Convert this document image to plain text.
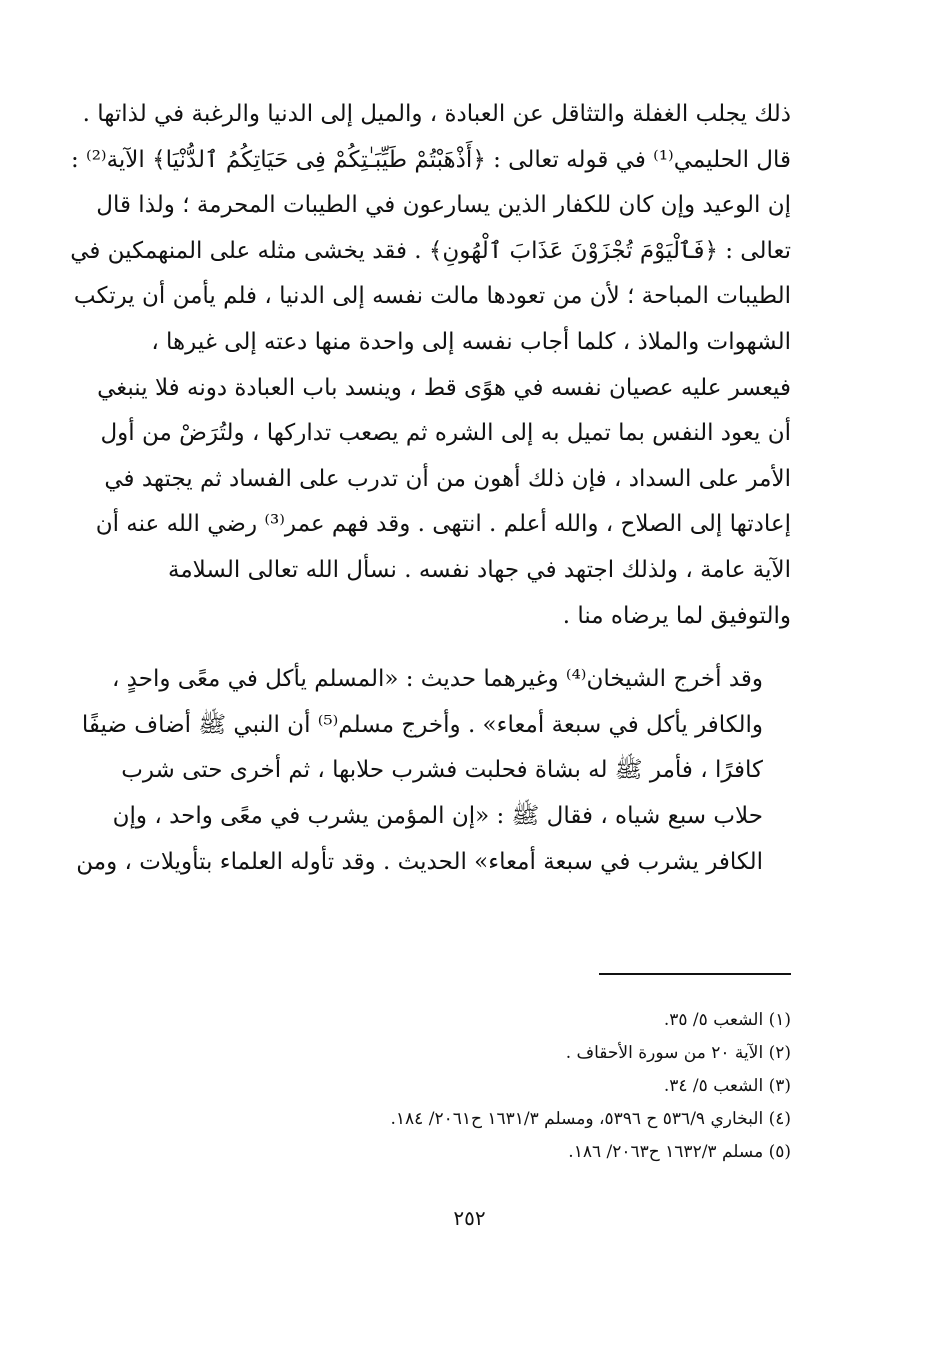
ذلك يجلب الغفلة والتثاقل عن العبادة ، والميل إلى الدنيا والرغبة في لذاتها .
قال الحليمي⁽¹⁾ في قوله تعالى : ﴿أَذْهَبْتُمْ طَيِّبَـٰتِكُمْ فِى حَيَاتِكُمُ ٱلدُّنْيَا﴾ الآية⁽²⁾ :
إن الوعيد وإن كان للكفار الذين يسارعون في الطيبات المحرمة ؛ ولذا قال
تعالى : ﴿فَٱلْيَوْمَ تُجْزَوْنَ عَذَابَ ٱلْهُونِ﴾ . فقد يخشى مثله على المنهمكين في
الطيبات المباحة ؛ لأن من تعودها مالت نفسه إلى الدنيا ، فلم يأمن أن يرتكب
الشهوات والملاذ ، كلما أجاب نفسه إلى واحدة منها دعته إلى غيرها ،
فيعسر عليه عصيان نفسه في هوًى قط ، وينسد باب العبادة دونه فلا ينبغي
أن يعود النفس بما تميل به إلى الشره ثم يصعب تداركها ، ولتُرَضْ من أول
الأمر على السداد ، فإن ذلك أهون من أن تدرب على الفساد ثم يجتهد في
إعادتها إلى الصلاح ، والله أعلم . انتهى . وقد فهم عمر⁽³⁾ رضي الله عنه أن
الآية عامة ، ولذلك اجتهد في جهاد نفسه . نسأل الله تعالى السلامة
والتوفيق لما يرضاه منا .

وقد أخرج الشيخان⁽⁴⁾ وغيرهما حديث : «المسلم يأكل في معًى واحدٍ ،
والكافر يأكل في سبعة أمعاء» . وأخرج مسلم⁽⁵⁾ أن النبي ﷺ أضاف ضيفًا
كافرًا ، فأمر ﷺ له بشاة فحلبت فشرب حلابها ، ثم أخرى حتى شرب
حلاب سبع شياه ، فقال ﷺ : «إن المؤمن يشرب في معًى واحد ، وإن
الكافر يشرب في سبعة أمعاء» الحديث . وقد تأوله العلماء بتأويلات ، ومن

(١) الشعب ٥/ ٣٥.

(٢) الآية ٢٠ من سورة الأحقاف .

(٣) الشعب ٥/ ٣٤.

(٤) البخاري ٥٣٦/٩ ح ٥٣٩٦، ومسلم ١٦٣١/٣ ح٢٠٦١/ ١٨٤.

(٥) مسلم ١٦٣٢/٣ ح٢٠٦٣/ ١٨٦.

٢٥٢
